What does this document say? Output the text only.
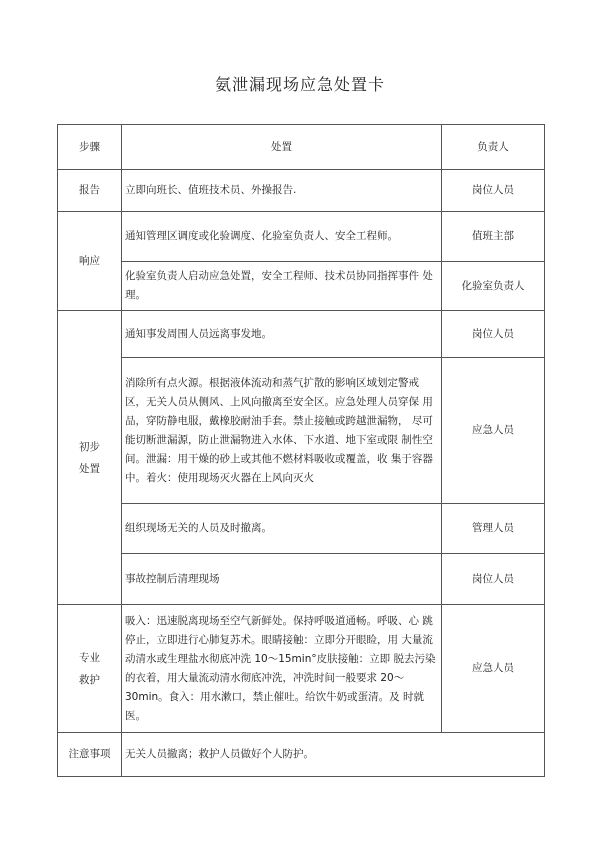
氨泄漏现场应急处置卡
步骤	处置	负责人
报告	立即向班长、值班技术员、外操报告.	岗位人员
响应	通知管理区调度或化验调度、化验室负责人、安全工程师。	值班主部
	化验室负责人启动应急处置，安全工程师、技术员协同指挥事件 处理。	化验室负责人
初步处置	通知事发周围人员远离事发地。	岗位人员
	消除所有点火源。根据液体流动和蒸气扩散的影响区域划定警戒 区，无关人员从侧风、上风向撤离至安全区。应急处理人员穿保 用品，穿防静电服，戴橡胶耐油手套。禁止接触或跨越泄漏物， 尽可能切断泄漏源，防止泄漏物进入水体、下水道、地下室或限 制性空间。泄漏：用干燥的砂上或其他不燃材料吸收或覆盖，收 集于容器中。着火：使用现场灭火器在上风向灭火	应急人员
	组织现场无关的人员及时撤离。	管理人员
	事故控制后清理现场	岗位人员
专业救护	吸入：迅速脱离现场至空气新鲜处。保持呼吸道通畅。呼吸、心 跳停止，立即进行心肺复苏术。眼睛接触：立即分开眼睑，用 大量流动清水或生理盐水彻底冲洗 10〜15min°皮肤接触：立即 脱去污染的衣着，用大量流动清水彻底冲洗，冲洗时间一般要求 20〜30min。食入：用水漱口，禁止催吐。给饮牛奶或蛋清。及 时就医。	应急人员
注意事项	无关人员撤离；救护人员做好个人防护。	
